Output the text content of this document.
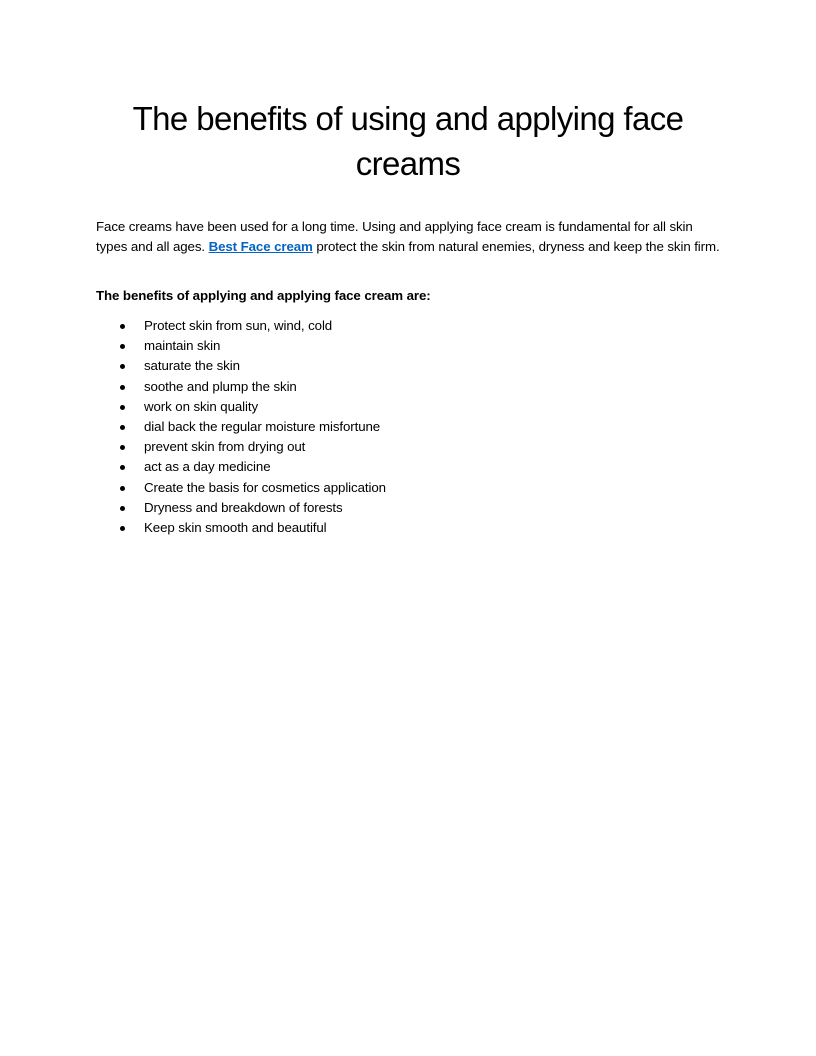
The benefits of using and applying face
creams

Face creams have been used for a long time. Using and applying face cream is fundamental for all skin types and all ages. Best Face cream protect the skin from natural enemies, dryness and keep the skin firm.

The benefits of applying and applying face cream are:

Protect skin from sun, wind, cold
maintain skin
saturate the skin
soothe and plump the skin
work on skin quality
dial back the regular moisture misfortune
prevent skin from drying out
act as a day medicine
Create the basis for cosmetics application
Dryness and breakdown of forests
Keep skin smooth and beautiful
